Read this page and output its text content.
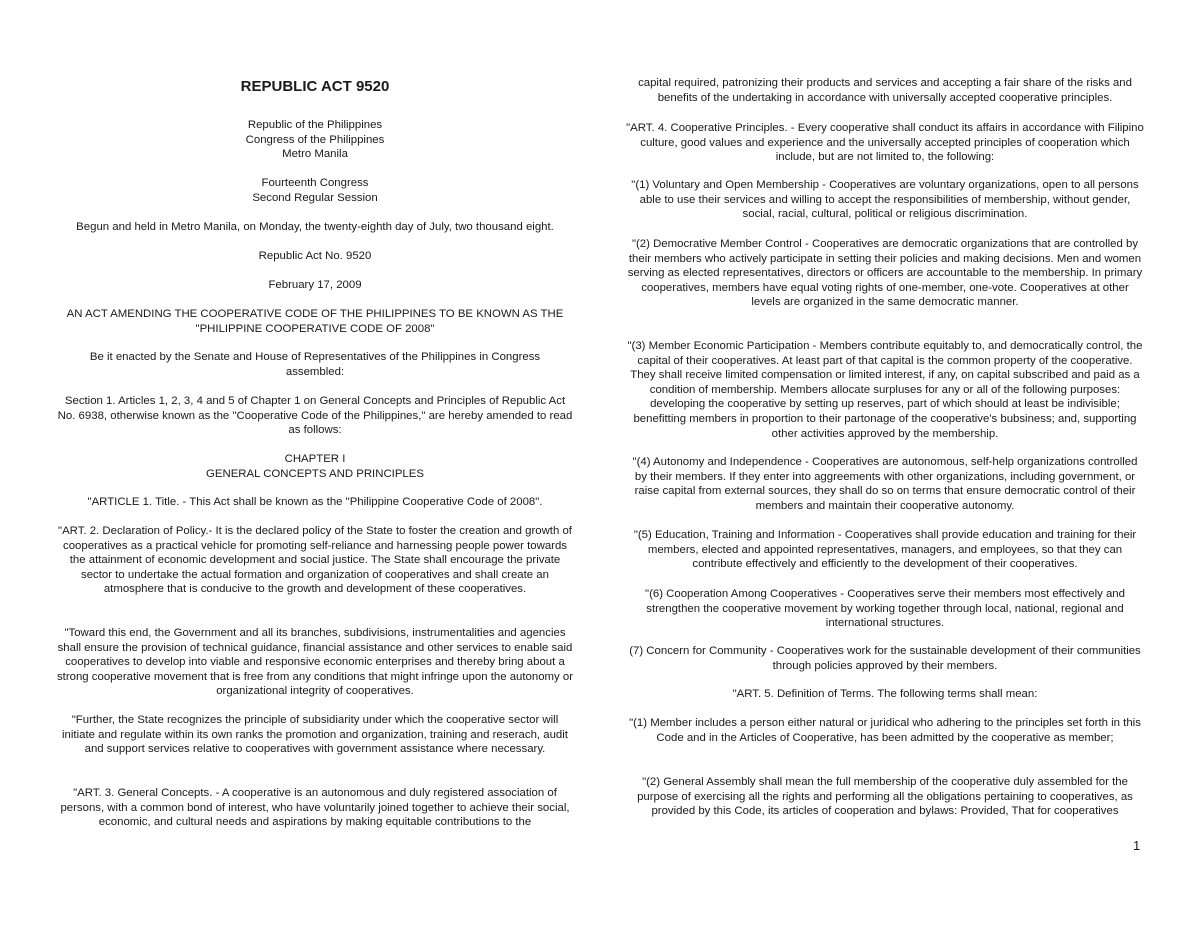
REPUBLIC ACT 9520

Republic of the Philippines

Congress of the Philippines

Metro Manila

Fourteenth Congress

Second Regular Session

Begun and held in Metro Manila, on Monday, the twenty-eighth day of July, two thousand eight.

Republic Act No. 9520

February 17, 2009

AN ACT AMENDING THE COOPERATIVE CODE OF THE PHILIPPINES TO BE KNOWN AS THE "PHILIPPINE COOPERATIVE CODE OF 2008"

Be it enacted by the Senate and House of Representatives of the Philippines in Congress assembled:

Section 1. Articles 1, 2, 3, 4 and 5 of Chapter 1 on General Concepts and Principles of Republic Act No. 6938, otherwise known as the "Cooperative Code of the Philippines," are hereby amended to read as follows:

CHAPTER I

GENERAL CONCEPTS AND PRINCIPLES

"ARTICLE 1. Title. - This Act shall be known as the "Philippine Cooperative Code of 2008".

"ART. 2. Declaration of Policy.- It is the declared policy of the State to foster the creation and growth of cooperatives as a practical vehicle for promoting self-reliance and harnessing people power towards the attainment of economic development and social justice. The State shall encourage the private sector to undertake the actual formation and organization of cooperatives and shall create an atmosphere that is conducive to the growth and development of these cooperatives.

"Toward this end, the Government and all its branches, subdivisions, instrumentalities and agencies shall ensure the provision of technical guidance, financial assistance and other services to enable said cooperatives to develop into viable and responsive economic enterprises and thereby bring about a strong cooperative movement that is free from any conditions that might infringe upon the autonomy or organizational integrity of cooperatives.

"Further, the State recognizes the principle of subsidiarity under which the cooperative sector will initiate and regulate within its own ranks the promotion and organization, training and reserach, audit and support services relative to cooperatives with government assistance where necessary.

"ART. 3. General Concepts. - A cooperative is an autonomous and duly registered association of persons, with a common bond of interest, who have voluntarily joined together to achieve their social, economic, and cultural needs and aspirations by making equitable contributions to the

capital required, patronizing their products and services and accepting a fair share of the risks and benefits of the undertaking in accordance with universally accepted cooperative principles.

"ART. 4. Cooperative Principles. - Every cooperative shall conduct its affairs in accordance with Filipino culture, good values and experience and the universally accepted principles of cooperation which include, but are not limited to, the following:

"(1) Voluntary and Open Membership - Cooperatives are voluntary organizations, open to all persons able to use their services and willing to accept the responsibilities of membership, without gender, social, racial, cultural, political or religious discrimination.

"(2) Democrative Member Control - Cooperatives are democratic organizations that are controlled by their members who actively participate in setting their policies and making decisions. Men and women serving as elected representatives, directors or officers are accountable to the membership. In primary cooperatives, members have equal voting rights of one-member, one-vote. Cooperatives at other levels are organized in the same democratic manner.

"(3) Member Economic Participation - Members contribute equitably to, and democratically control, the capital of their cooperatives. At least part of that capital is the common property of the cooperative. They shall receive limited compensation or limited interest, if any, on capital subscribed and paid as a condition of membership. Members allocate surpluses for any or all of the following purposes: developing the cooperative by setting up reserves, part of which should at least be indivisible; benefitting members in proportion to their partonage of the cooperative's bubsiness; and, supporting other activities approved by the membership.

"(4) Autonomy and Independence - Cooperatives are autonomous, self-help organizations controlled by their members. If they enter into aggreements with other organizations, including government, or raise capital from external sources, they shall do so on terms that ensure democratic control of their members and maintain their cooperative autonomy.

"(5) Education, Training and Information - Cooperatives shall provide education and training for their members, elected and appointed representatives, managers, and employees, so that they can contribute effectively and efficiently to the development of their cooperatives.

"(6) Cooperation Among Cooperatives - Cooperatives serve their members most effectively and strengthen the cooperative movement by working together through local, national, regional and international structures.

(7) Concern for Community - Cooperatives work for the sustainable development of their communities through policies approved by their members.

"ART. 5. Definition of Terms. The following terms shall mean:

"(1) Member includes a person either natural or juridical who adhering to the principles set forth in this Code and in the Articles of Cooperative, has been admitted by the cooperative as member;

"(2) General Assembly shall mean the full membership of the cooperative duly assembled for the purpose of exercising all the rights and performing all the obligations pertaining to cooperatives, as provided by this Code, its articles of cooperation and bylaws: Provided, That for cooperatives

1
